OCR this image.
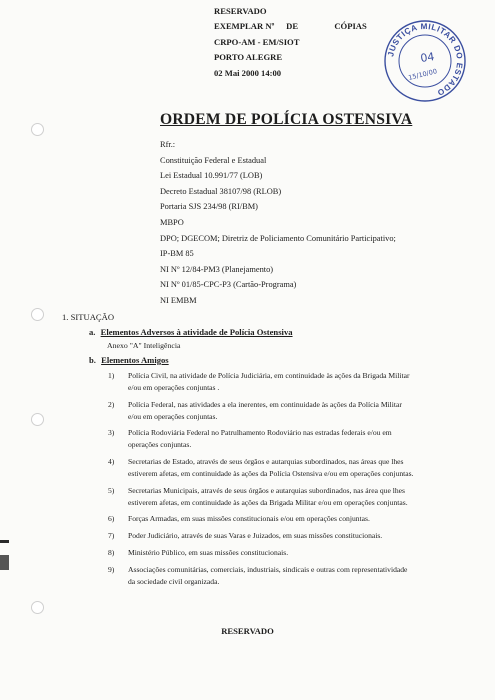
RESERVADO
EXEMPLAR Nº DE	CÓPIAS
CRPO-AM - EM/SIOT
PORTO ALEGRE
02 Mai 2000 14:00
JUSTIÇA MILITAR DO ESTADO
04
15/10/00
ORDEM DE POLÍCIA OSTENSIVA
Rfr.:
Constituição Federal e Estadual
Lei Estadual 10.991/77 (LOB)
Decreto Estadual 38107/98 (RLOB)
Portaria SJS 234/98 (RI/BM)
MBPO
DPO; DGECOM; Diretriz de Policiamento Comunitário Participativo;
IP-BM 85
NI Nº 12/84-PM3 (Planejamento)
NI Nº 01/85-CPC-P3 (Cartão-Programa)
NI EMBM
1. SITUAÇÃO
a. Elementos Adversos à atividade de Polícia Ostensiva
Anexo "A" Inteligência
b. Elementos Amigos
1) Polícia Civil, na atividade de Polícia Judiciária, em continuidade às ações da Brigada Militar
e/ou em operações conjuntas .
2) Polícia Federal, nas atividades a ela inerentes, em continuidade às ações da Polícia Militar
e/ou em operações conjuntas.
3) Polícia Rodoviária Federal no Patrulhamento Rodoviário nas estradas federais e/ou em
operações conjuntas.
4) Secretarias de Estado, através de seus órgãos e autarquias subordinados, nas áreas que lhes
estiverem afetas, em continuidade às ações da Polícia Ostensiva e/ou em operações conjuntas.
5) Secretarias Municipais, através de seus órgãos e autarquias subordinados, nas área que lhes
estiverem afetas, em continuidade às ações da Brigada Militar e/ou em operações conjuntas.
6) Forças Armadas, em suas missões constitucionais e/ou em operações conjuntas.
7) Poder Judiciário, através de suas Varas e Juizados, em suas missões constitucionais.
8) Ministério Público, em suas missões constitucionais.
9) Associações comunitárias, comerciais, industriais, sindicais e outras com representatividade
da sociedade civil organizada.
RESERVADO
